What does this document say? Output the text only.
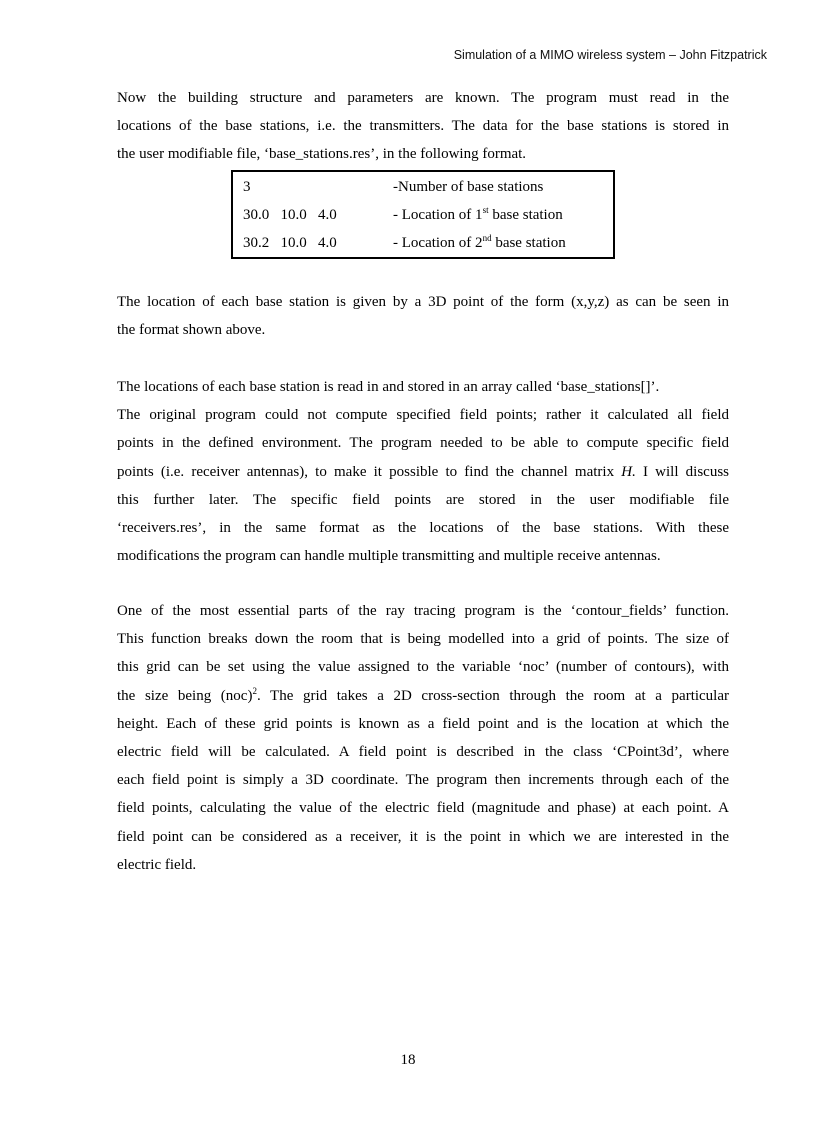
Simulation of a MIMO wireless system – John Fitzpatrick
Now the building structure and parameters are known. The program must read in the
locations of the base stations, i.e. the transmitters. The data for the base stations is stored in
the user modifiable file, ‘base_stations.res’, in the following format.
3	-Number of base stations
30.0   10.0   4.0	- Location of 1st base station
30.2   10.0   4.0	- Location of 2nd base station
The location of each base station is given by a 3D point of the form (x,y,z) as can be seen in
the format shown above.
The locations of each base station is read in and stored in an array called ‘base_stations[]’.
The original program could not compute specified field points; rather it calculated all field
points in the defined environment. The program needed to be able to compute specific field
points (i.e. receiver antennas), to make it possible to find the channel matrix H. I will discuss
this further later. The specific field points are stored in the user modifiable file
‘receivers.res’, in the same format as the locations of the base stations. With these
modifications the program can handle multiple transmitting and multiple receive antennas.
One of the most essential parts of the ray tracing program is the ‘contour_fields’ function.
This function breaks down the room that is being modelled into a grid of points. The size of
this grid can be set using the value assigned to the variable ‘noc’ (number of contours), with
the size being (noc)$^2$. The grid takes a 2D cross-section through the room at a particular
height. Each of these grid points is known as a field point and is the location at which the
electric field will be calculated. A field point is described in the class ‘CPoint3d’, where
each field point is simply a 3D coordinate. The program then increments through each of the
field points, calculating the value of the electric field (magnitude and phase) at each point. A
field point can be considered as a receiver, it is the point in which we are interested in the
electric field.
18
